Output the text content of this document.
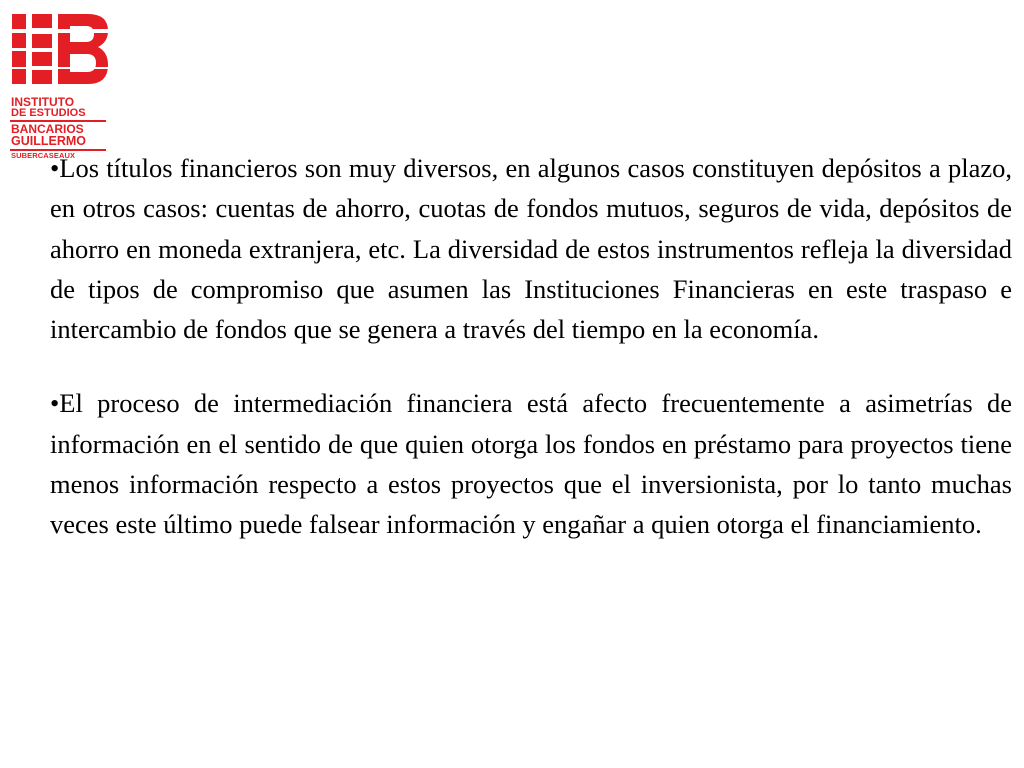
INSTITUTO
DE ESTUDIOS
BANCARIOS
GUILLERMO
SUBERCASEAUX

•Los títulos financieros son muy diversos, en algunos casos constituyen depósitos a plazo, en otros casos: cuentas de ahorro, cuotas de fondos mutuos, seguros de vida, depósitos de ahorro en moneda extranjera, etc. La diversidad de estos instrumentos refleja la diversidad de tipos de compromiso que asumen las Instituciones Financieras en este traspaso e intercambio de fondos que se genera a través del tiempo en la economía.

•El proceso de intermediación financiera está afecto frecuentemente a asimetrías de información en el sentido de que quien otorga los fondos en préstamo para proyectos tiene menos información respecto a estos proyectos que el inversionista, por lo tanto muchas veces este último puede falsear información y engañar a quien otorga el financiamiento.
